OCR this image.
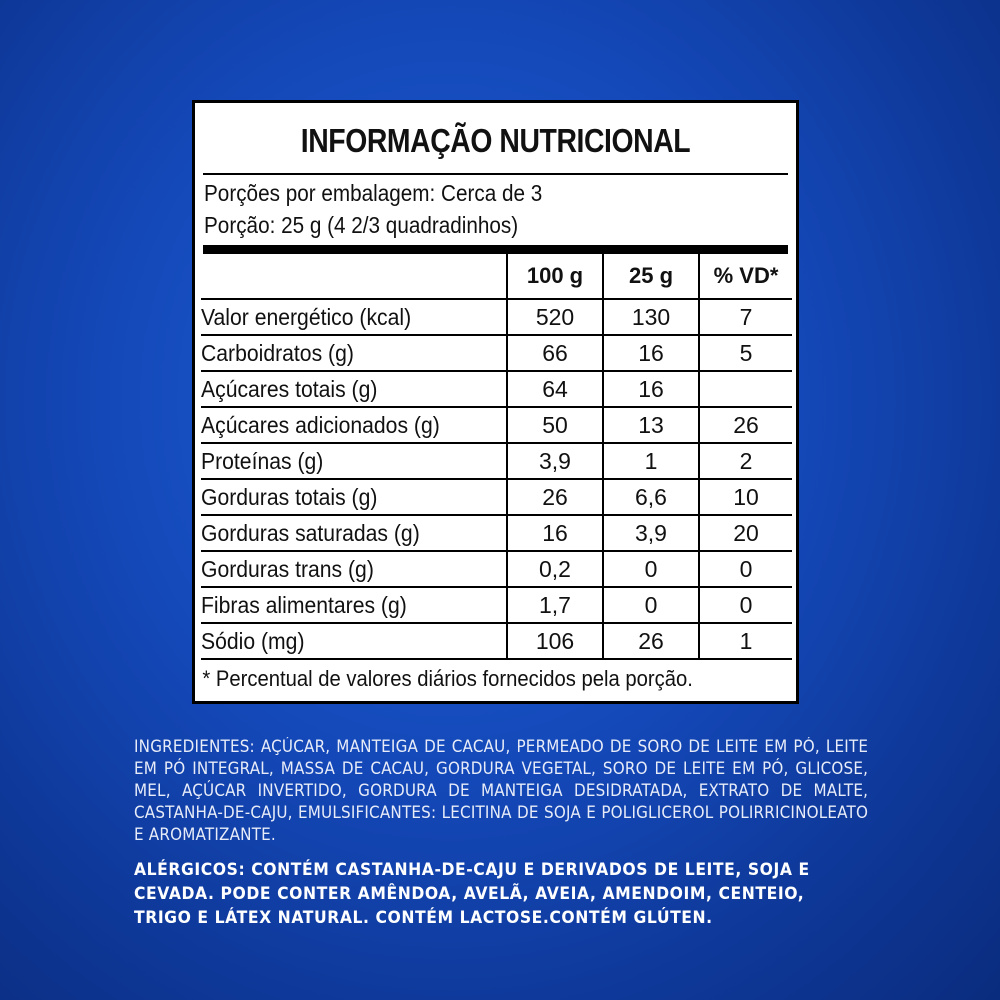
INFORMAÇÃO NUTRICIONAL
Porções por embalagem: Cerca de 3
Porção: 25 g (4 2/3 quadradinhos)
	100 g	25 g	% VD*
Valor energético (kcal)	520	130	7
Carboidratos (g)	66	16	5
Açúcares totais (g)	64	16	
Açúcares adicionados (g)	50	13	26
Proteínas (g)	3,9	1	2
Gorduras totais (g)	26	6,6	10
Gorduras saturadas (g)	16	3,9	20
Gorduras trans (g)	0,2	0	0
Fibras alimentares (g)	1,7	0	0
Sódio (mg)	106	26	1
* Percentual de valores diários fornecidos pela porção.
INGREDIENTES: AÇÚCAR, MANTEIGA DE CACAU, PERMEADO DE SORO DE LEITE EM PÓ, LEITE EM PÓ INTEGRAL, MASSA DE CACAU, GORDURA VEGETAL, SORO DE LEITE EM PÓ, GLICOSE, MEL, AÇÚCAR INVERTIDO, GORDURA DE MANTEIGA DESIDRATADA, EXTRATO DE MALTE, CASTANHA-DE-CAJU, EMULSIFICANTES: LECITINA DE SOJA E POLIGLICEROL POLIRRICINOLEATO E AROMATIZANTE.
ALÉRGICOS: CONTÉM CASTANHA-DE-CAJU E DERIVADOS DE LEITE, SOJA E CEVADA. PODE CONTER AMÊNDOA, AVELÃ, AVEIA, AMENDOIM, CENTEIO, TRIGO E LÁTEX NATURAL. CONTÉM LACTOSE.CONTÉM GLÚTEN.
